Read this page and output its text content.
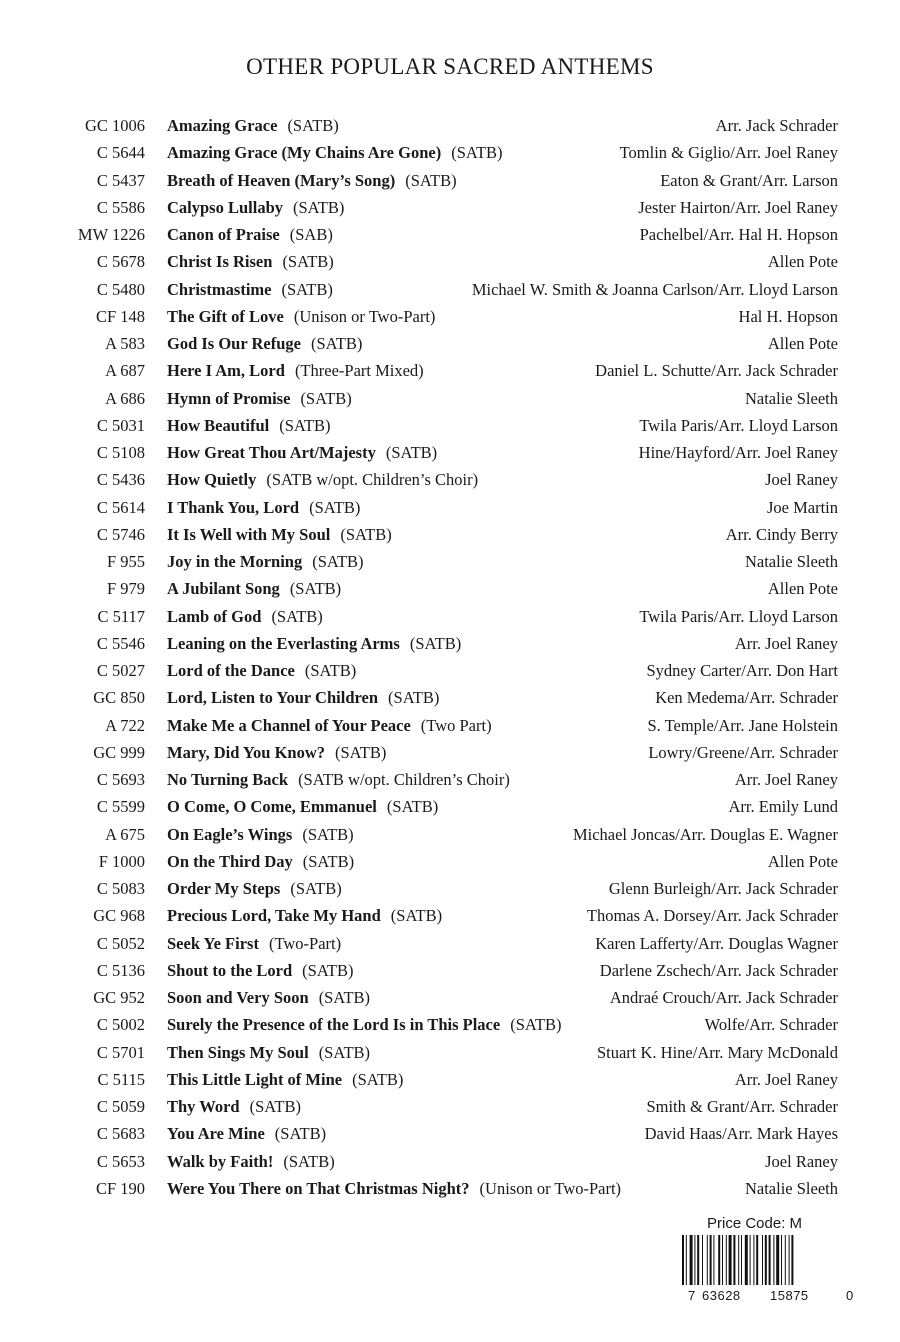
OTHER POPULAR SACRED ANTHEMS
GC 1006 Amazing Grace (SATB)	Arr. Jack Schrader
C 5644 Amazing Grace (My Chains Are Gone) (SATB)	Tomlin & Giglio/Arr. Joel Raney
C 5437 Breath of Heaven (Mary’s Song) (SATB)	Eaton & Grant/Arr. Larson
C 5586 Calypso Lullaby (SATB)	Jester Hairton/Arr. Joel Raney
MW 1226 Canon of Praise (SAB)	Pachelbel/Arr. Hal H. Hopson
C 5678 Christ Is Risen (SATB)	Allen Pote
C 5480 Christmastime (SATB)	Michael W. Smith & Joanna Carlson/Arr. Lloyd Larson
CF 148 The Gift of Love (Unison or Two-Part)	Hal H. Hopson
A 583 God Is Our Refuge (SATB)	Allen Pote
A 687 Here I Am, Lord (Three-Part Mixed)	Daniel L. Schutte/Arr. Jack Schrader
A 686 Hymn of Promise (SATB)	Natalie Sleeth
C 5031 How Beautiful (SATB)	Twila Paris/Arr. Lloyd Larson
C 5108 How Great Thou Art/Majesty (SATB)	Hine/Hayford/Arr. Joel Raney
C 5436 How Quietly (SATB w/opt. Children’s Choir)	Joel Raney
C 5614 I Thank You, Lord (SATB)	Joe Martin
C 5746 It Is Well with My Soul (SATB)	Arr. Cindy Berry
F 955 Joy in the Morning (SATB)	Natalie Sleeth
F 979 A Jubilant Song (SATB)	Allen Pote
C 5117 Lamb of God (SATB)	Twila Paris/Arr. Lloyd Larson
C 5546 Leaning on the Everlasting Arms (SATB)	Arr. Joel Raney
C 5027 Lord of the Dance (SATB)	Sydney Carter/Arr. Don Hart
GC 850 Lord, Listen to Your Children (SATB)	Ken Medema/Arr. Schrader
A 722 Make Me a Channel of Your Peace (Two Part)	S. Temple/Arr. Jane Holstein
GC 999 Mary, Did You Know? (SATB)	Lowry/Greene/Arr. Schrader
C 5693 No Turning Back (SATB w/opt. Children’s Choir)	Arr. Joel Raney
C 5599 O Come, O Come, Emmanuel (SATB)	Arr. Emily Lund
A 675 On Eagle’s Wings (SATB)	Michael Joncas/Arr. Douglas E. Wagner
F 1000 On the Third Day (SATB)	Allen Pote
C 5083 Order My Steps (SATB)	Glenn Burleigh/Arr. Jack Schrader
GC 968 Precious Lord, Take My Hand (SATB)	Thomas A. Dorsey/Arr. Jack Schrader
C 5052 Seek Ye First (Two-Part)	Karen Lafferty/Arr. Douglas Wagner
C 5136 Shout to the Lord (SATB)	Darlene Zschech/Arr. Jack Schrader
GC 952 Soon and Very Soon (SATB)	Andraé Crouch/Arr. Jack Schrader
C 5002 Surely the Presence of the Lord Is in This Place (SATB)	Wolfe/Arr. Schrader
C 5701 Then Sings My Soul (SATB)	Stuart K. Hine/Arr. Mary McDonald
C 5115 This Little Light of Mine (SATB)	Arr. Joel Raney
C 5059 Thy Word (SATB)	Smith & Grant/Arr. Schrader
C 5683 You Are Mine (SATB)	David Haas/Arr. Mark Hayes
C 5653 Walk by Faith! (SATB)	Joel Raney
CF 190 Were You There on That Christmas Night? (Unison or Two-Part)	Natalie Sleeth
Price Code: M
7 63628 15875	0
